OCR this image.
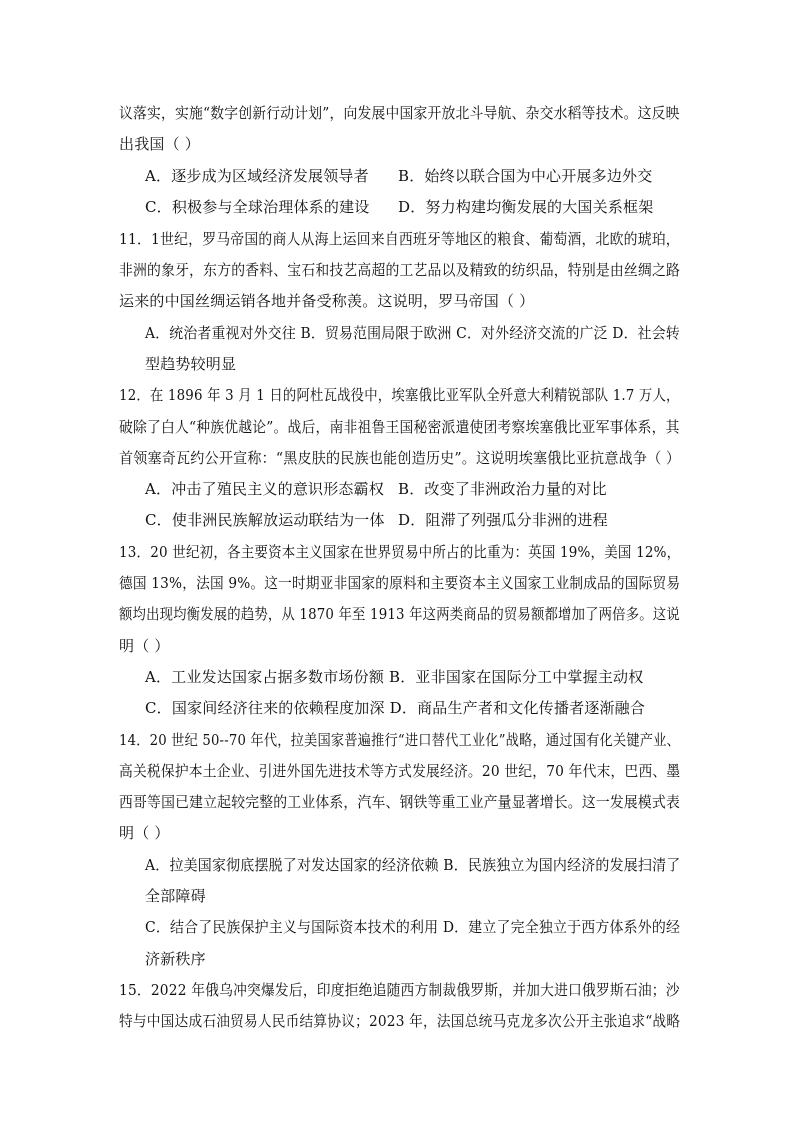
议落实，实施“数字创新行动计划”，向发展中国家开放北斗导航、杂交水稻等技术。这反映
出我国（ ）
A．逐步成为区域经济发展领导者 B．始终以联合国为中心开展多边外交
C．积极参与全球治理体系的建设 D．努力构建均衡发展的大国关系框架
11．1世纪，罗马帝国的商人从海上运回来自西班牙等地区的粮食、葡萄酒，北欧的琥珀，
非洲的象牙，东方的香料、宝石和技艺高超的工艺品以及精致的纺织品，特别是由丝绸之路
运来的中国丝绸运销各地并备受称羡。这说明，罗马帝国（ ）
A．统治者重视对外交往 B．贸易范围局限于欧洲 C．对外经济交流的广泛 D．社会转
型趋势较明显
12．在 1896 年 3 月 1 日的阿杜瓦战役中，埃塞俄比亚军队全歼意大利精锐部队 1.7 万人，
破除了白人“种族优越论”。战后，南非祖鲁王国秘密派遣使团考察埃塞俄比亚军事体系，其
首领塞奇瓦约公开宣称：“黑皮肤的民族也能创造历史”。这说明埃塞俄比亚抗意战争（ ）
A．冲击了殖民主义的意识形态霸权 B．改变了非洲政治力量的对比
C．使非洲民族解放运动联结为一体 D．阻滞了列强瓜分非洲的进程
13．20 世纪初，各主要资本主义国家在世界贸易中所占的比重为：英国 19%，美国 12%，
德国 13%，法国 9%。这一时期亚非国家的原料和主要资本主义国家工业制成品的国际贸易
额均出现均衡发展的趋势，从 1870 年至 1913 年这两类商品的贸易额都增加了两倍多。这说
明（ ）
A．工业发达国家占据多数市场份额 B．亚非国家在国际分工中掌握主动权
C．国家间经济往来的依赖程度加深 D．商品生产者和文化传播者逐渐融合
14．20 世纪 50--70 年代，拉美国家普遍推行“进口替代工业化”战略，通过国有化关键产业、
高关税保护本土企业、引进外国先进技术等方式发展经济。20 世纪，70 年代末，巴西、墨
西哥等国已建立起较完整的工业体系，汽车、钢铁等重工业产量显著增长。这一发展模式表
明（ ）
A．拉美国家彻底摆脱了对发达国家的经济依赖 B．民族独立为国内经济的发展扫清了
全部障碍
C．结合了民族保护主义与国际资本技术的利用 D．建立了完全独立于西方体系外的经
济新秩序
15．2022 年俄乌冲突爆发后，印度拒绝追随西方制裁俄罗斯，并加大进口俄罗斯石油；沙
特与中国达成石油贸易人民币结算协议；2023 年，法国总统马克龙多次公开主张追求“战略
